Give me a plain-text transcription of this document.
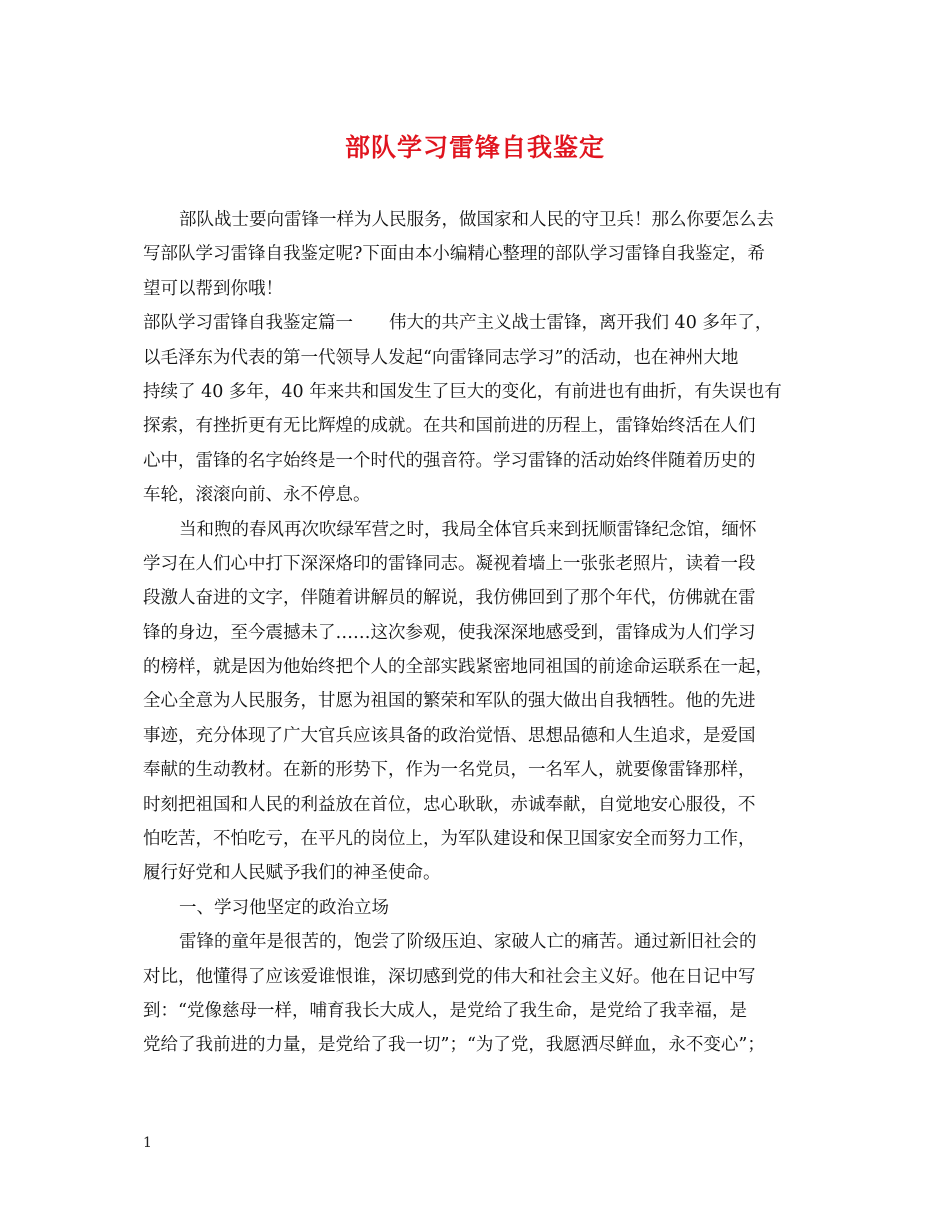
部队学习雷锋自我鉴定
部队战士要向雷锋一样为人民服务，做国家和人民的守卫兵！那么你要怎么去
写部队学习雷锋自我鉴定呢?下面由本小编精心整理的部队学习雷锋自我鉴定，希
望可以帮到你哦！
部队学习雷锋自我鉴定篇一 伟大的共产主义战士雷锋，离开我们 40 多年了，
以毛泽东为代表的第一代领导人发起“向雷锋同志学习”的活动，也在神州大地
持续了 40 多年，40 年来共和国发生了巨大的变化，有前进也有曲折，有失误也有
探索，有挫折更有无比辉煌的成就。在共和国前进的历程上，雷锋始终活在人们
心中，雷锋的名字始终是一个时代的强音符。学习雷锋的活动始终伴随着历史的
车轮，滚滚向前、永不停息。
当和煦的春风再次吹绿军营之时，我局全体官兵来到抚顺雷锋纪念馆，缅怀
学习在人们心中打下深深烙印的雷锋同志。凝视着墙上一张张老照片，读着一段
段激人奋进的文字，伴随着讲解员的解说，我仿佛回到了那个年代，仿佛就在雷
锋的身边，至今震撼未了……这次参观，使我深深地感受到，雷锋成为人们学习
的榜样，就是因为他始终把个人的全部实践紧密地同祖国的前途命运联系在一起，
全心全意为人民服务，甘愿为祖国的繁荣和军队的强大做出自我牺牲。他的先进
事迹，充分体现了广大官兵应该具备的政治觉悟、思想品德和人生追求，是爱国
奉献的生动教材。在新的形势下，作为一名党员，一名军人，就要像雷锋那样，
时刻把祖国和人民的利益放在首位，忠心耿耿，赤诚奉献，自觉地安心服役，不
怕吃苦，不怕吃亏，在平凡的岗位上，为军队建设和保卫国家安全而努力工作，
履行好党和人民赋予我们的神圣使命。
一、学习他坚定的政治立场
雷锋的童年是很苦的，饱尝了阶级压迫、家破人亡的痛苦。通过新旧社会的
对比，他懂得了应该爱谁恨谁，深切感到党的伟大和社会主义好。他在日记中写
到：“党像慈母一样，哺育我长大成人，是党给了我生命，是党给了我幸福，是
党给了我前进的力量，是党给了我一切”；“为了党，我愿洒尽鲜血，永不变心”；
1
